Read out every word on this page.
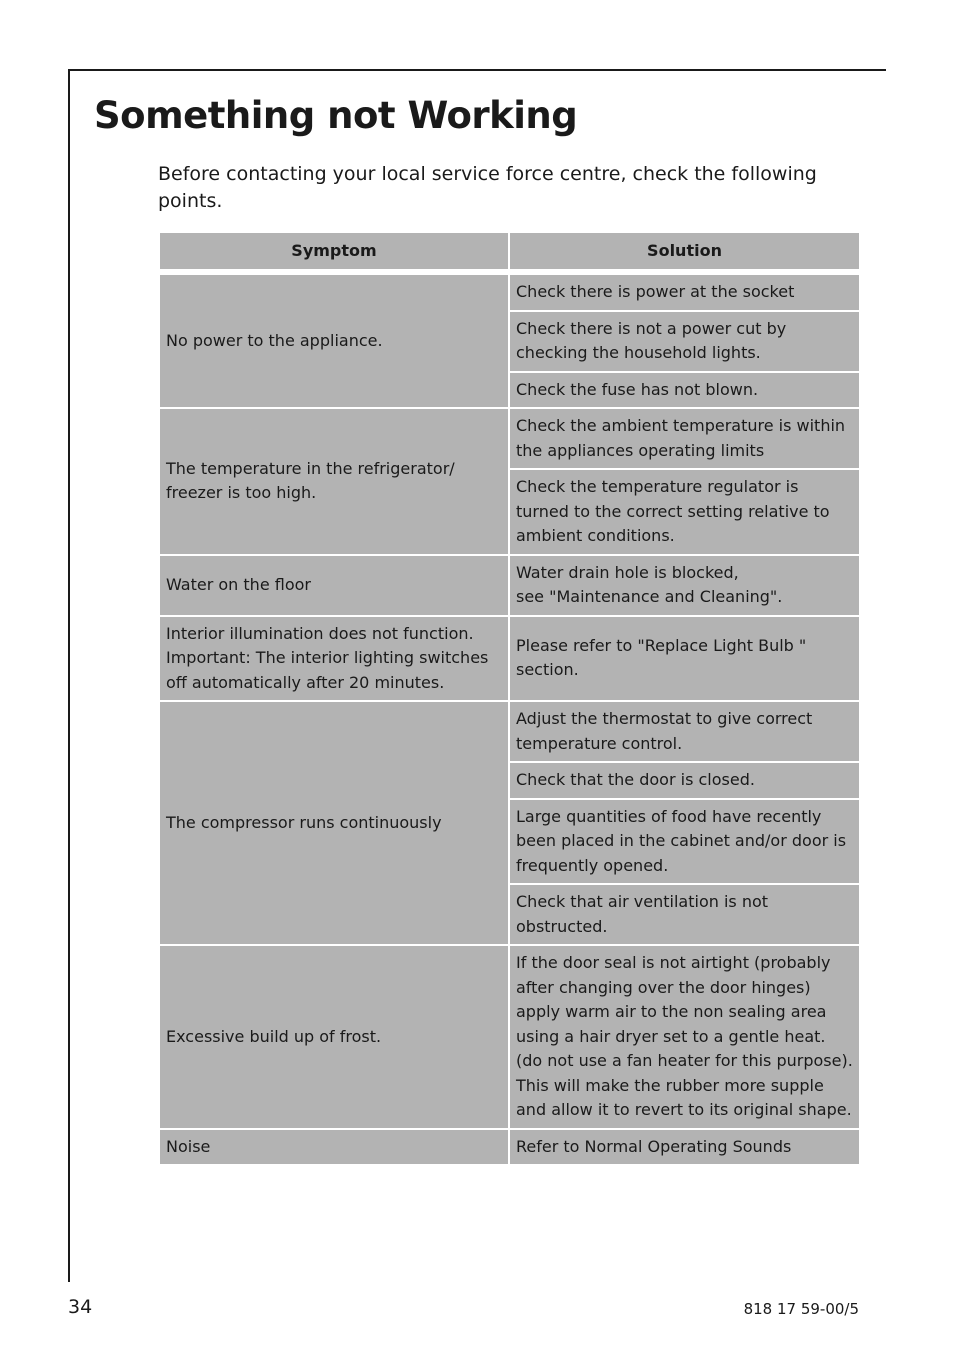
Something not Working

Before contacting your local service force centre, check the following points.

Symptom	Solution
No power to the appliance.	Check there is power at the socket
	Check there is not a power cut by checking the household lights.
	Check the fuse has not blown.
The temperature in the refrigerator/ freezer is too high.	Check the ambient temperature is within the appliances operating limits
	Check the temperature regulator is turned to the correct setting relative to ambient conditions.
Water on the floor	Water drain hole is blocked,
see "Maintenance and Cleaning".
Interior illumination does not function. Important: The interior lighting switches off automatically after 20 minutes.	Please refer to "Replace Light Bulb " section.
The compressor runs continuously	Adjust the thermostat to give correct temperature control.
	Check that the door is closed.
	Large quantities of food have recently been placed in the cabinet and/or door is frequently opened.
	Check that air ventilation is not obstructed.
Excessive build up of frost.	If the door seal is not airtight (probably after changing over the door hinges) apply warm air to the non sealing area using a hair dryer set to a gentle heat. (do not use a fan heater for this purpose). This will make the rubber more supple and allow it to revert to its original shape.
Noise	Refer to Normal Operating Sounds
34	818 17 59-00/5
